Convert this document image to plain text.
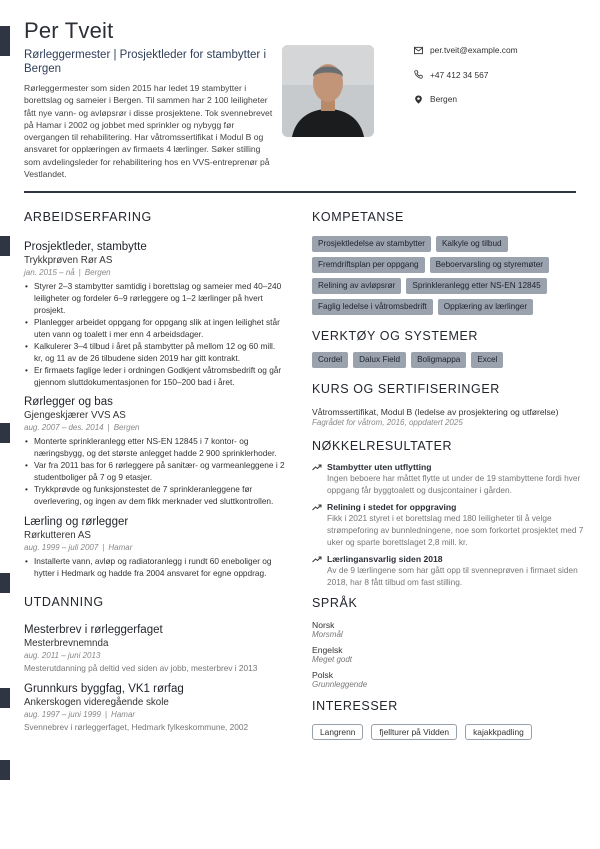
Per Tveit
Rørleggermester | Prosjektleder for stambytter i Bergen
Rørleggermester som siden 2015 har ledet 19 stambytter i borettslag og sameier i Bergen. Til sammen har 2 100 leiligheter fått nye vann- og avløpsrør i disse prosjektene. Tok svennebrevet på Hamar i 2002 og jobbet med sprinkler og nybygg før overgangen til rehabilitering. Har våtromssertifikat i Modul B og ansvaret for opplæringen av firmaets 4 lærlinger. Søker stilling som avdelingsleder for rehabilitering hos en VVS-entreprenør på Vestlandet.
per.tveit@example.com
+47 412 34 567
Bergen
ARBEIDSERFARING
Prosjektleder, stambytte
Trykkprøven Rør AS
jan. 2015 – nå | Bergen
• Styrer 2–3 stambytter samtidig i borettslag og sameier med 40–240 leiligheter og fordeler 6–9 rørleggere og 1–2 lærlinger på hvert prosjekt.
• Planlegger arbeidet oppgang for oppgang slik at ingen leilighet står uten vann og toalett i mer enn 4 arbeidsdager.
• Kalkulerer 3–4 tilbud i året på stambytter på mellom 12 og 60 mill. kr, og 11 av de 26 tilbudene siden 2019 har gitt kontrakt.
• Er firmaets faglige leder i ordningen Godkjent våtromsbedrift og går gjennom sluttdokumentasjonen for 150–200 bad i året.
Rørlegger og bas
Gjengeskjærer VVS AS
aug. 2007 – des. 2014 | Bergen
• Monterte sprinkleranlegg etter NS-EN 12845 i 7 kontor- og næringsbygg, og det største anlegget hadde 2 900 sprinklerhoder.
• Var fra 2011 bas for 6 rørleggere på sanitær- og varmeanleggene i 2 studentboliger på 7 og 9 etasjer.
• Trykkprøvde og funksjonstestet de 7 sprinkleranleggene før overlevering, og ingen av dem fikk merknader ved sluttkontrollen.
Lærling og rørlegger
Rørkutteren AS
aug. 1999 – juli 2007 | Hamar
• Installerte vann, avløp og radiatoranlegg i rundt 60 eneboliger og hytter i Hedmark og hadde fra 2004 ansvaret for egne oppdrag.
UTDANNING
Mesterbrev i rørleggerfaget
Mesterbrevnemnda
aug. 2011 – juni 2013
Mesterutdanning på deltid ved siden av jobb, mesterbrev i 2013
Grunnkurs byggfag, VK1 rørfag
Ankerskogen videregående skole
aug. 1997 – juni 1999 | Hamar
Svennebrev i rørleggerfaget, Hedmark fylkeskommune, 2002
KOMPETANSE
Prosjektledelse av stambytter	Kalkyle og tilbud
Fremdriftsplan per oppgang	Beboervarsling og styremøter
Relining av avløpsrør	Sprinkleranlegg etter NS-EN 12845
Faglig ledelse i våtromsbedrift	Opplæring av lærlinger
VERKTØY OG SYSTEMER
Cordel	Dalux Field	Boligmappa	Excel
KURS OG SERTIFISERINGER
Våtromssertifikat, Modul B (ledelse av prosjektering og utførelse)
Fagrådet for våtrom, 2016, oppdatert 2025
NØKKELRESULTATER
Stambytter uten utflytting
Ingen beboere har måttet flytte ut under de 19 stambyttene fordi hver oppgang får byggtoalett og dusjcontainer i gården.
Relining i stedet for oppgraving
Fikk i 2021 styret i et borettslag med 180 leiligheter til å velge strømpeforing av bunnledningene, noe som forkortet prosjektet med 7 uker og sparte borettslaget 2,8 mill. kr.
Lærlingansvarlig siden 2018
Av de 9 lærlingene som har gått opp til svenneprøven i firmaet siden 2018, har 8 fått tilbud om fast stilling.
SPRÅK
Norsk
Morsmål
Engelsk
Meget godt
Polsk
Grunnleggende
INTERESSER
Langrenn	fjellturer på Vidden	kajakkpadling
